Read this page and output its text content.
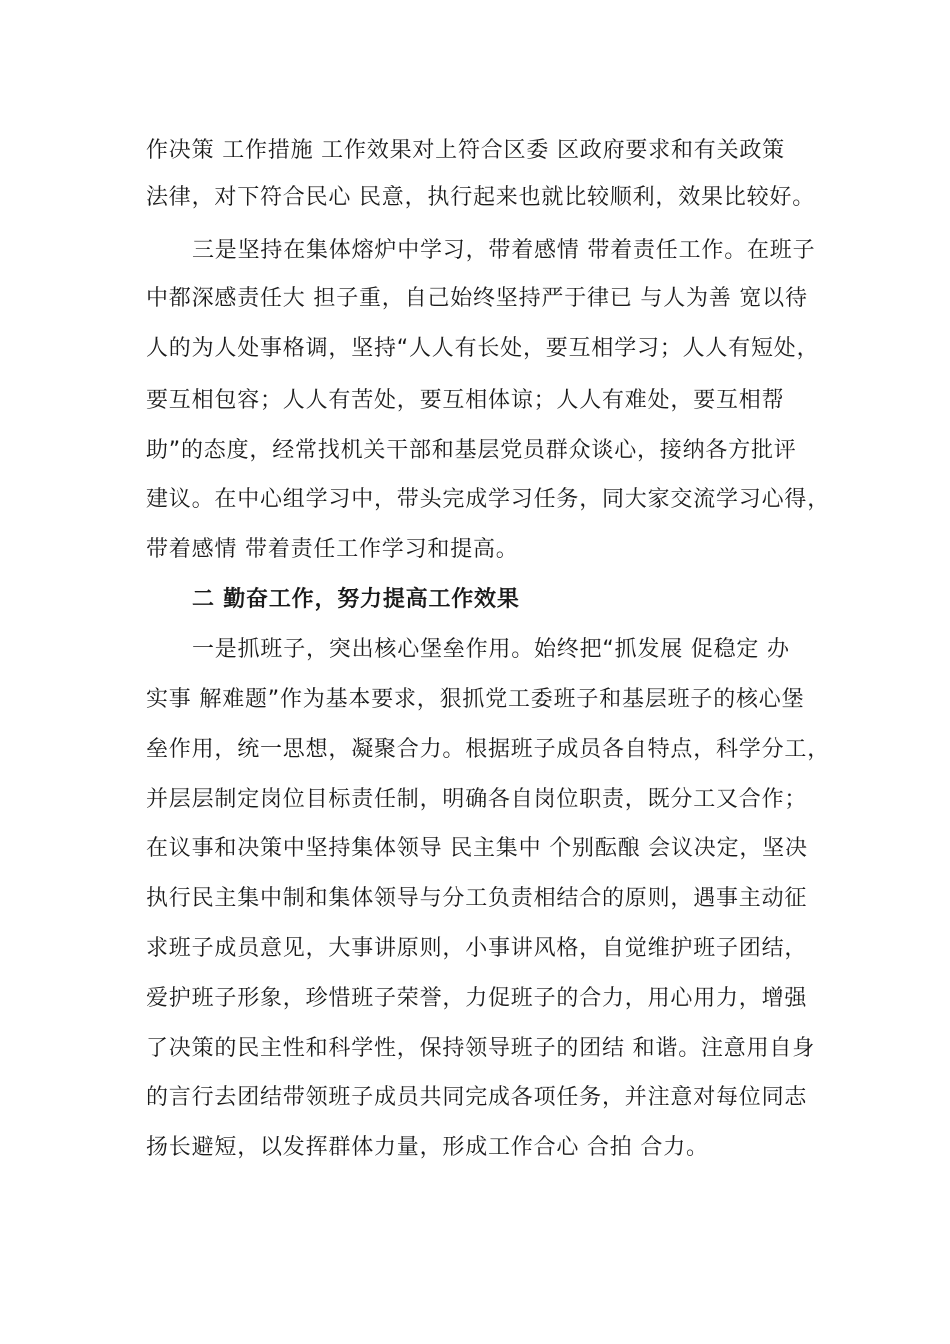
作决策 工作措施 工作效果对上符合区委 区政府要求和有关政策
法律，对下符合民心 民意，执行起来也就比较顺利，效果比较好。
三是坚持在集体熔炉中学习，带着感情 带着责任工作。在班子
中都深感责任大 担子重，自己始终坚持严于律已 与人为善 宽以待
人的为人处事格调，坚持“人人有长处，要互相学习；人人有短处，
要互相包容；人人有苦处，要互相体谅；人人有难处，要互相帮
助”的态度，经常找机关干部和基层党员群众谈心，接纳各方批评
建议。在中心组学习中，带头完成学习任务，同大家交流学习心得，
带着感情 带着责任工作学习和提高。
二 勤奋工作，努力提高工作效果
一是抓班子，突出核心堡垒作用。始终把“抓发展 促稳定 办
实事 解难题”作为基本要求，狠抓党工委班子和基层班子的核心堡
垒作用，统一思想，凝聚合力。根据班子成员各自特点，科学分工，
并层层制定岗位目标责任制，明确各自岗位职责，既分工又合作；
在议事和决策中坚持集体领导 民主集中 个别酝酿 会议决定，坚决
执行民主集中制和集体领导与分工负责相结合的原则，遇事主动征
求班子成员意见，大事讲原则，小事讲风格，自觉维护班子团结，
爱护班子形象，珍惜班子荣誉，力促班子的合力，用心用力，增强
了决策的民主性和科学性，保持领导班子的团结 和谐。注意用自身
的言行去团结带领班子成员共同完成各项任务，并注意对每位同志
扬长避短，以发挥群体力量，形成工作合心 合拍 合力。
